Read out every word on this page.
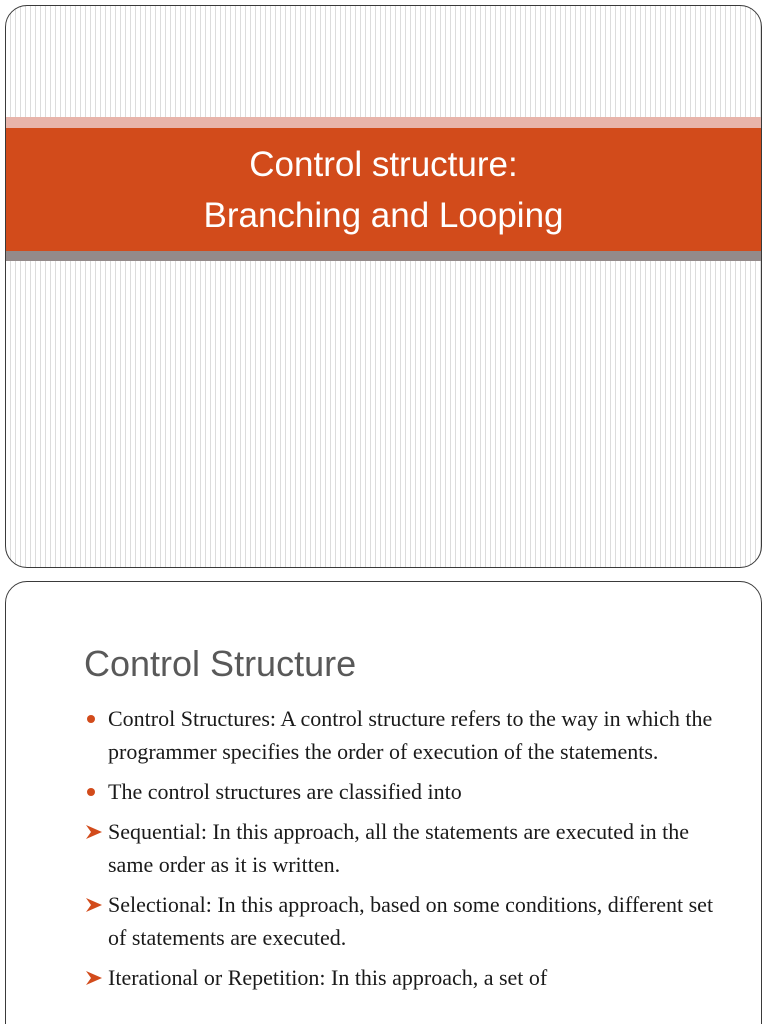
Control structure:
Branching and Looping
Control Structure
Control Structures: A control structure refers to the way in which the programmer specifies the order of execution of the statements.
The control structures are classified into
Sequential: In this approach, all the statements are executed in the same order as it is written.
Selectional: In this approach, based on some conditions, different set of statements are executed.
Iterational or Repetition: In this approach, a set of
